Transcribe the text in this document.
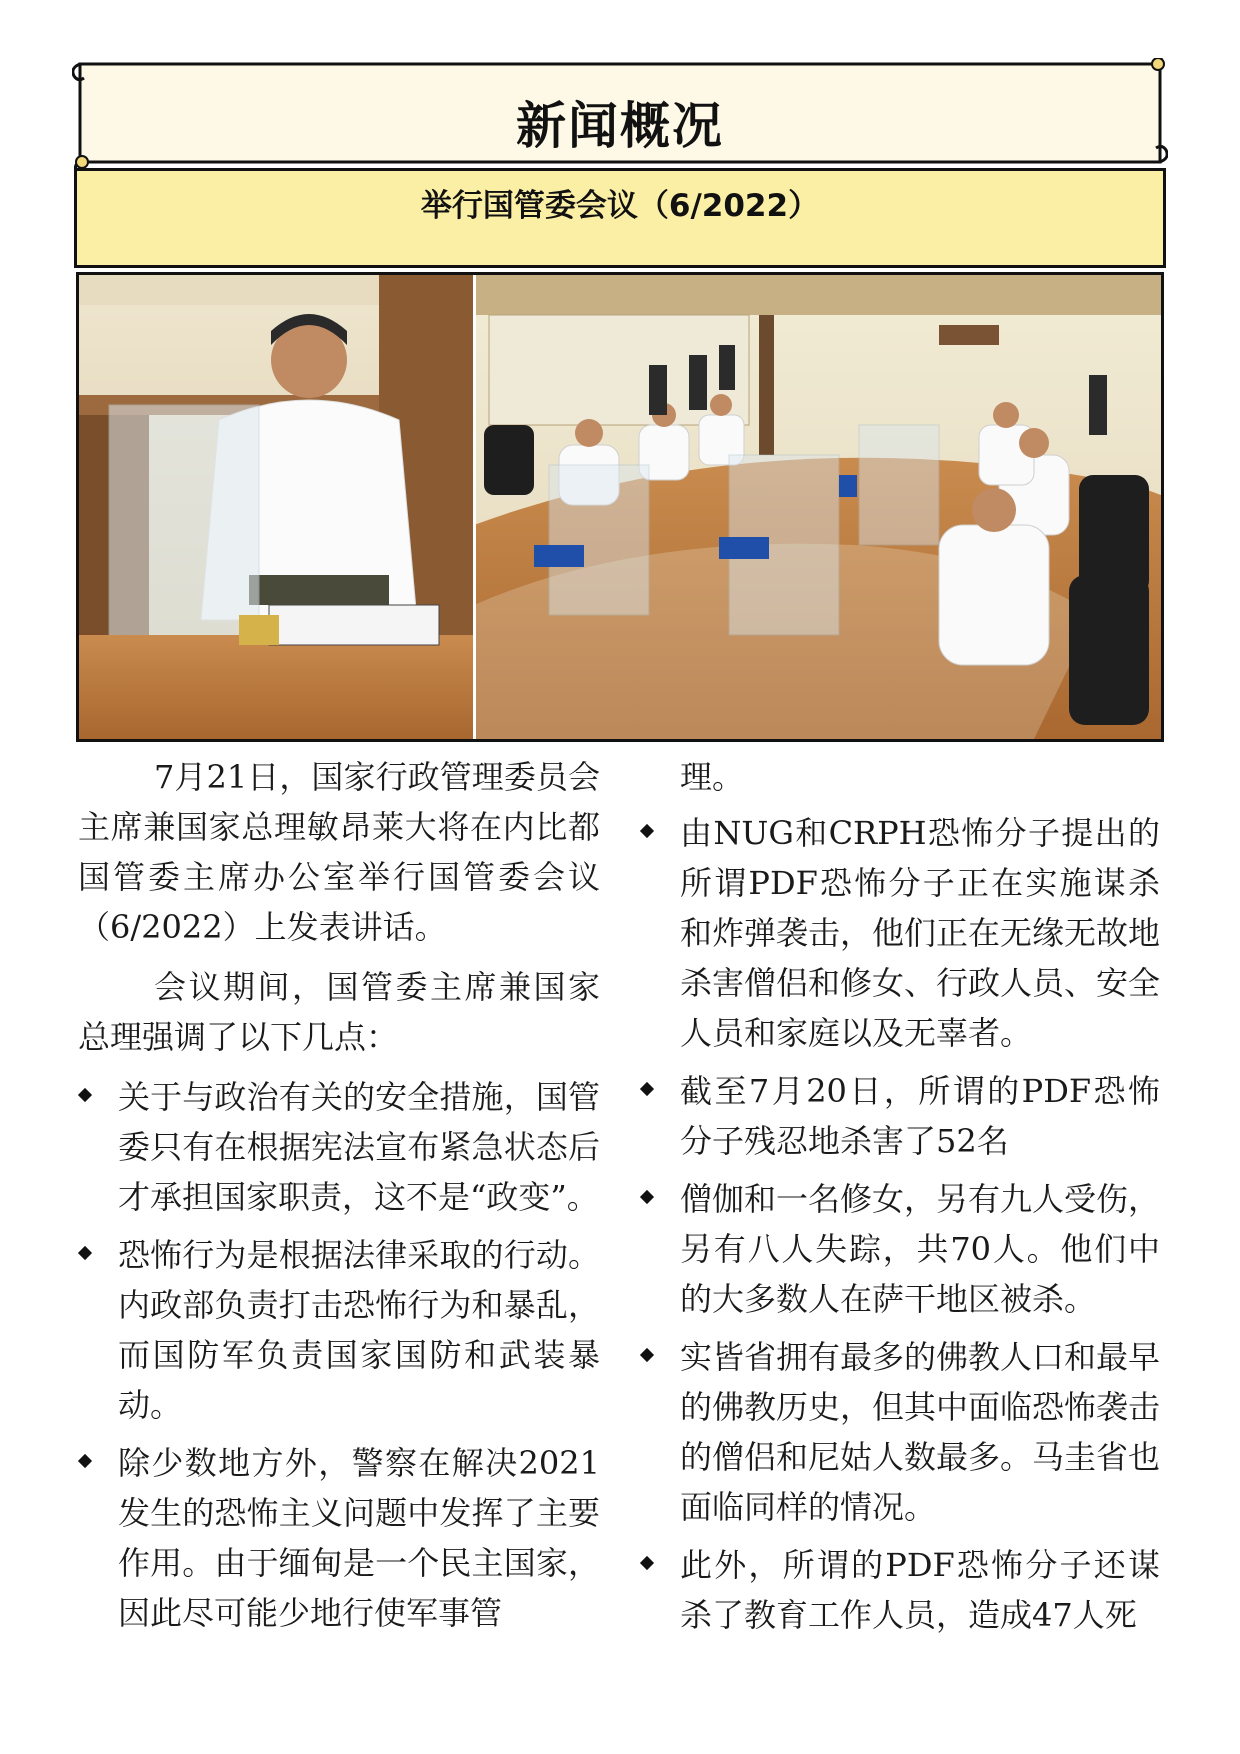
新闻概况
举行国管委会议（6/2022）

7月21日，国家行政管理委员会主席兼国家总理敏昂莱大将在内比都国管委主席办公室举行国管委会议（6/2022）上发表讲话。

会议期间，国管委主席兼国家总理强调了以下几点：

关于与政治有关的安全措施，国管委只有在根据宪法宣布紧急状态后才承担国家职责，这不是“政变”。

恐怖行为是根据法律采取的行动。内政部负责打击恐怖行为和暴乱，而国防军负责国家国防和武装暴动。

除少数地方外，警察在解决2021发生的恐怖主义问题中发挥了主要作用。由于缅甸是一个民主国家，因此尽可能少地行使军事管

理。

由NUG和CRPH恐怖分子提出的所谓PDF恐怖分子正在实施谋杀和炸弹袭击，他们正在无缘无故地杀害僧侣和修女、行政人员、安全人员和家庭以及无辜者。

截至7月20日，所谓的PDF恐怖分子残忍地杀害了52名

僧伽和一名修女，另有九人受伤，另有八人失踪，共70人。他们中的大多数人在萨干地区被杀。

实皆省拥有最多的佛教人口和最早的佛教历史，但其中面临恐怖袭击的僧侣和尼姑人数最多。马圭省也面临同样的情况。

此外，所谓的PDF恐怖分子还谋杀了教育工作人员，造成47人死
